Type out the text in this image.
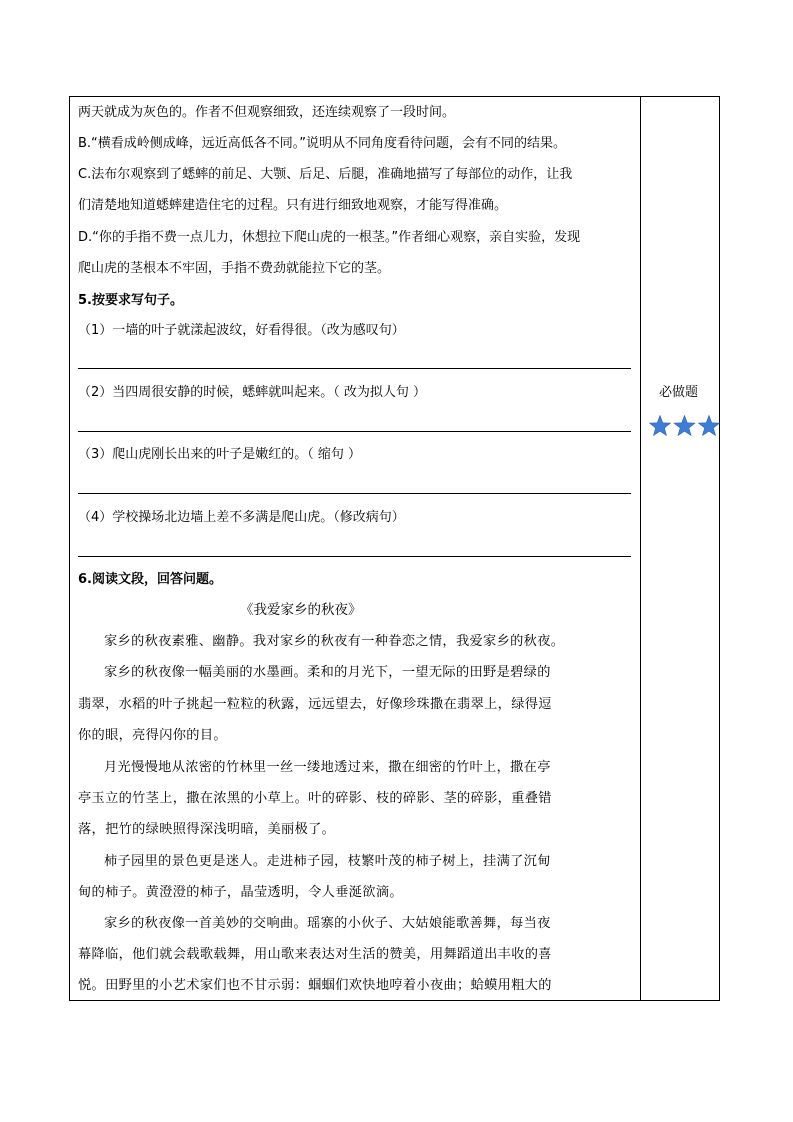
两天就成为灰色的。作者不但观察细致，还连续观察了一段时间。
B.“横看成岭侧成峰，远近高低各不同。”说明从不同角度看待问题，会有不同的结果。
C.法布尔观察到了蟋蟀的前足、大颚、后足、后腿，准确地描写了每部位的动作，让我
们清楚地知道蟋蟀建造住宅的过程。只有进行细致地观察，才能写得准确。
D.“你的手指不费一点儿力，休想拉下爬山虎的一根茎。”作者细心观察，亲自实验，发现
爬山虎的茎根本不牢固，手指不费劲就能拉下它的茎。
5.按要求写句子。
（1）一墙的叶子就漾起波纹，好看得很。（改为感叹句）
（2）当四周很安静的时候，蟋蟀就叫起来。（ 改为拟人句 ）
（3）爬山虎刚长出来的叶子是嫩红的。（ 缩句 ）
（4）学校操场北边墙上差不多满是爬山虎。（修改病句）
6.阅读文段，回答问题。
《我爱家乡的秋夜》
家乡的秋夜素雅、幽静。我对家乡的秋夜有一种眷恋之情，我爱家乡的秋夜。
家乡的秋夜像一幅美丽的水墨画。柔和的月光下，一望无际的田野是碧绿的
翡翠，水稻的叶子挑起一粒粒的秋露，远远望去，好像珍珠撒在翡翠上，绿得逗
你的眼，亮得闪你的目。
月光慢慢地从浓密的竹林里一丝一缕地透过来，撒在细密的竹叶上，撒在亭
亭玉立的竹茎上，撒在浓黑的小草上。叶的碎影、枝的碎影、茎的碎影，重叠错
落，把竹的绿映照得深浅明暗，美丽极了。
柿子园里的景色更是迷人。走进柿子园，枝繁叶茂的柿子树上，挂满了沉甸
甸的柿子。黄澄澄的柿子，晶莹透明，令人垂涎欲滴。
家乡的秋夜像一首美妙的交响曲。瑶寨的小伙子、大姑娘能歌善舞，每当夜
幕降临，他们就会载歌载舞，用山歌来表达对生活的赞美，用舞蹈道出丰收的喜
悦。田野里的小艺术家们也不甘示弱：蝈蝈们欢快地哼着小夜曲；蛤蟆用粗大的
必做题
